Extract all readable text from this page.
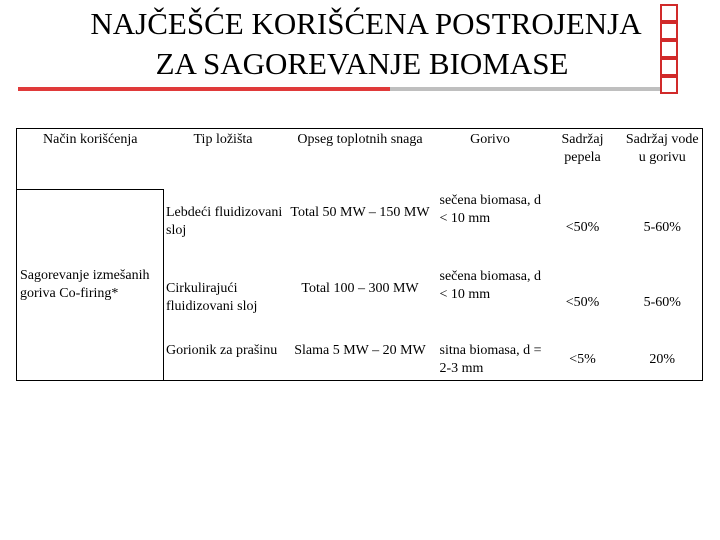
NAJČEŠĆE KORIŠĆENA POSTROJENJA
ZA SAGOREVANJE BIOMASE
Način korišćenja	Tip ložišta	Opseg toplotnih snaga	Gorivo	Sadržaj pepela	Sadržaj vode u gorivu
Sagorevanje izmešanih goriva Co-firing*	Lebdeći fluidizovani sloj	Total 50 MW – 150 MW	sečena biomasa, d < 10 mm	<50%	5-60%
	Cirkulirajući fluidizovani sloj	Total 100 – 300 MW	sečena biomasa, d < 10 mm	<50%	5-60%
	Gorionik za prašinu	Slama 5 MW – 20 MW	sitna biomasa, d = 2-3 mm	<5%	20%
